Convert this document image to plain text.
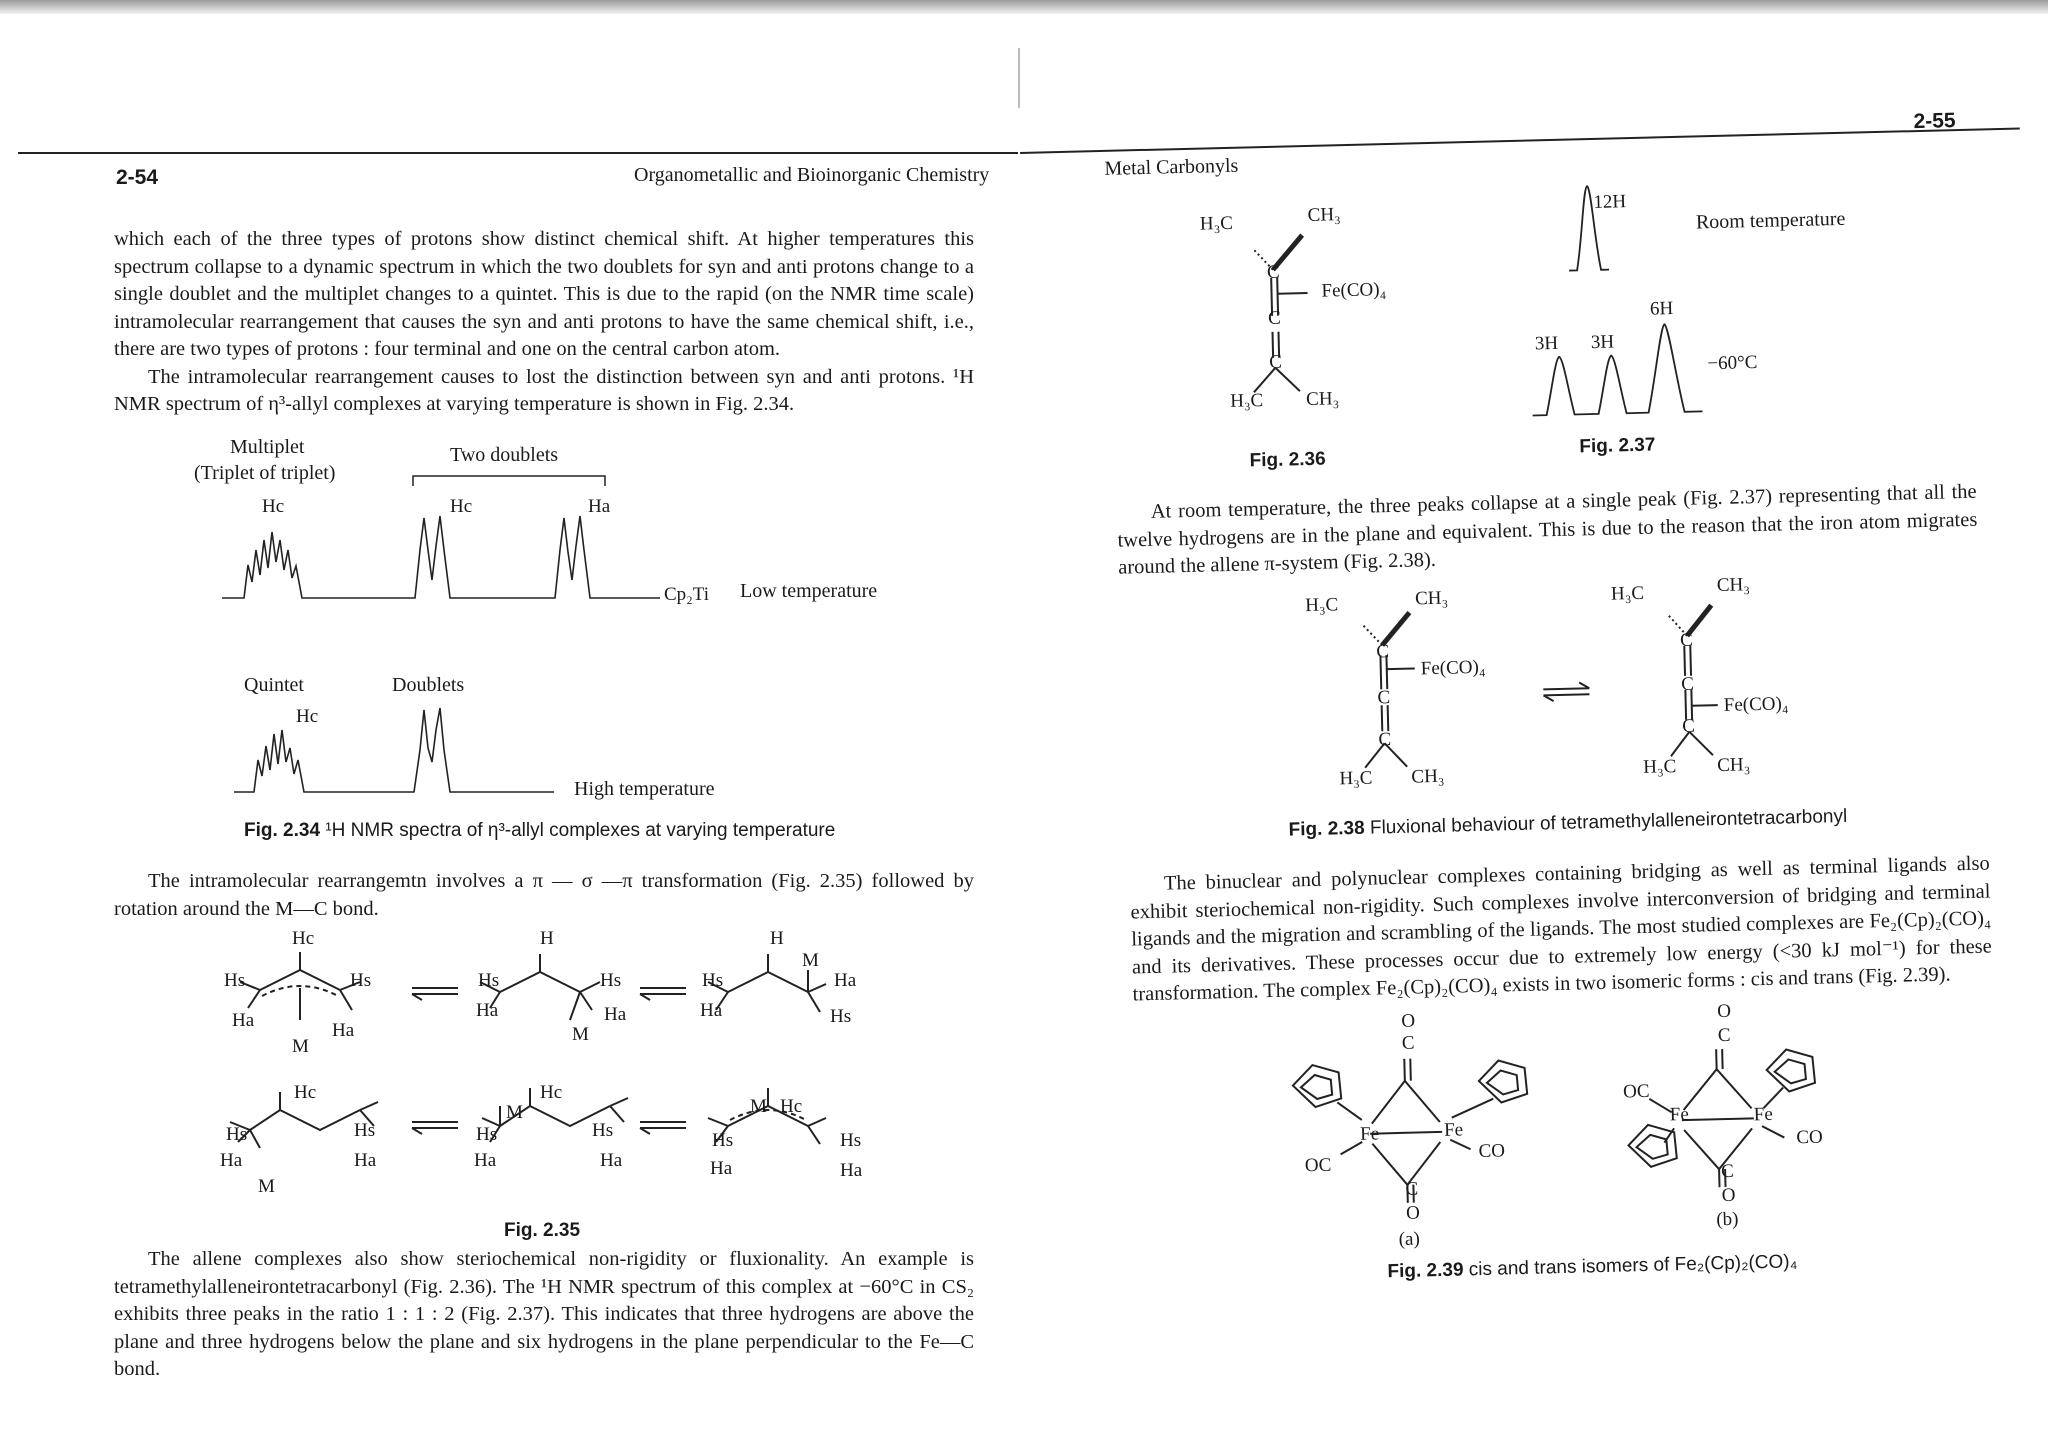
2-54	Organometallic and Bioinorganic Chemistry

which each of the three types of protons show distinct chemical shift. At higher temperatures this spectrum collapse to a dynamic spectrum in which the two doublets for syn and anti protons change to a single doublet and the multiplet changes to a quintet. This is due to the rapid (on the NMR time scale) intramolecular rearrangement that causes the syn and anti protons to have the same chemical shift, i.e., there are two types of protons : four terminal and one on the central carbon atom.

The intramolecular rearrangement causes to lost the distinction between syn and anti protons. ¹H NMR spectrum of η³-allyl complexes at varying temperature is shown in Fig. 2.34.

Multiplet
(Triplet of triplet)
Two doublets
Hc	Hc	Ha
Cp₂Ti Low temperature
Quintet	Doublets
Hc
High temperature
Fig. 2.34 ¹H NMR spectra of η³-allyl complexes at varying temperature

The intramolecular rearrangemtn involves a π — σ —π transformation (Fig. 2.35) followed by rotation around the M—C bond.

Hc
Hs	Hs
Ha	Ha
M
H
Hs
Ha
Hs
Ha
M
H
M
Hs
Ha
Ha
Hs
Hc
Hs
Ha
M
Hs
Ha
Hc
M
Hs
Ha
Hs
Ha
M Hc
Hs
Ha
Hs
Ha
Fig. 2.35

The allene complexes also show steriochemical non-rigidity or fluxionality. An example is tetramethylalleneirontetracarbonyl (Fig. 2.36). The ¹H NMR spectrum of this complex at −60°C in CS₂ exhibits three peaks in the ratio 1 : 1 : 2 (Fig. 2.37). This indicates that three hydrogens are above the plane and three hydrogens below the plane and six hydrogens in the plane perpendicular to the Fe—C bond.

Metal Carbonyls
2-55
H₃C	CH₃
C
Fe(CO)₄
C
C
H₃C CH₃
Fig. 2.36
12H
Room temperature
6H
3H 3H
−60°C
Fig. 2.37

At room temperature, the three peaks collapse at a single peak (Fig. 2.37) representing that all the twelve hydrogens are in the plane and equivalent. This is due to the reason that the iron atom migrates around the allene π-system (Fig. 2.38).

H₃C	CH₃
C
Fe(CO)₄
C
C
H₃C CH₃
H₃C	CH₃
C
C
Fe(CO)₄
C
H₃C CH₃
Fig. 2.38 Fluxional behaviour of tetramethylalleneirontetracarbonyl

The binuclear and polynuclear complexes containing bridging as well as terminal ligands also exhibit steriochemical non-rigidity. Such complexes involve interconversion of bridging and terminal ligands and the migration and scrambling of the ligands. The most studied complexes are Fe₂(Cp)₂(CO)₄ and its derivatives. These processes occur due to extremely low energy (<30 kJ mol⁻¹) for these transformation. The complex Fe₂(Cp)₂(CO)₄ exists in two isomeric forms : cis and trans (Fig. 2.39).

O
C
Fe	Fe
OC
CO
C
O
(a)
O
C
OC
Fe	Fe
CO
C
O
(b)
Fig. 2.39 cis and trans isomers of Fe₂(Cp)₂(CO)₄
